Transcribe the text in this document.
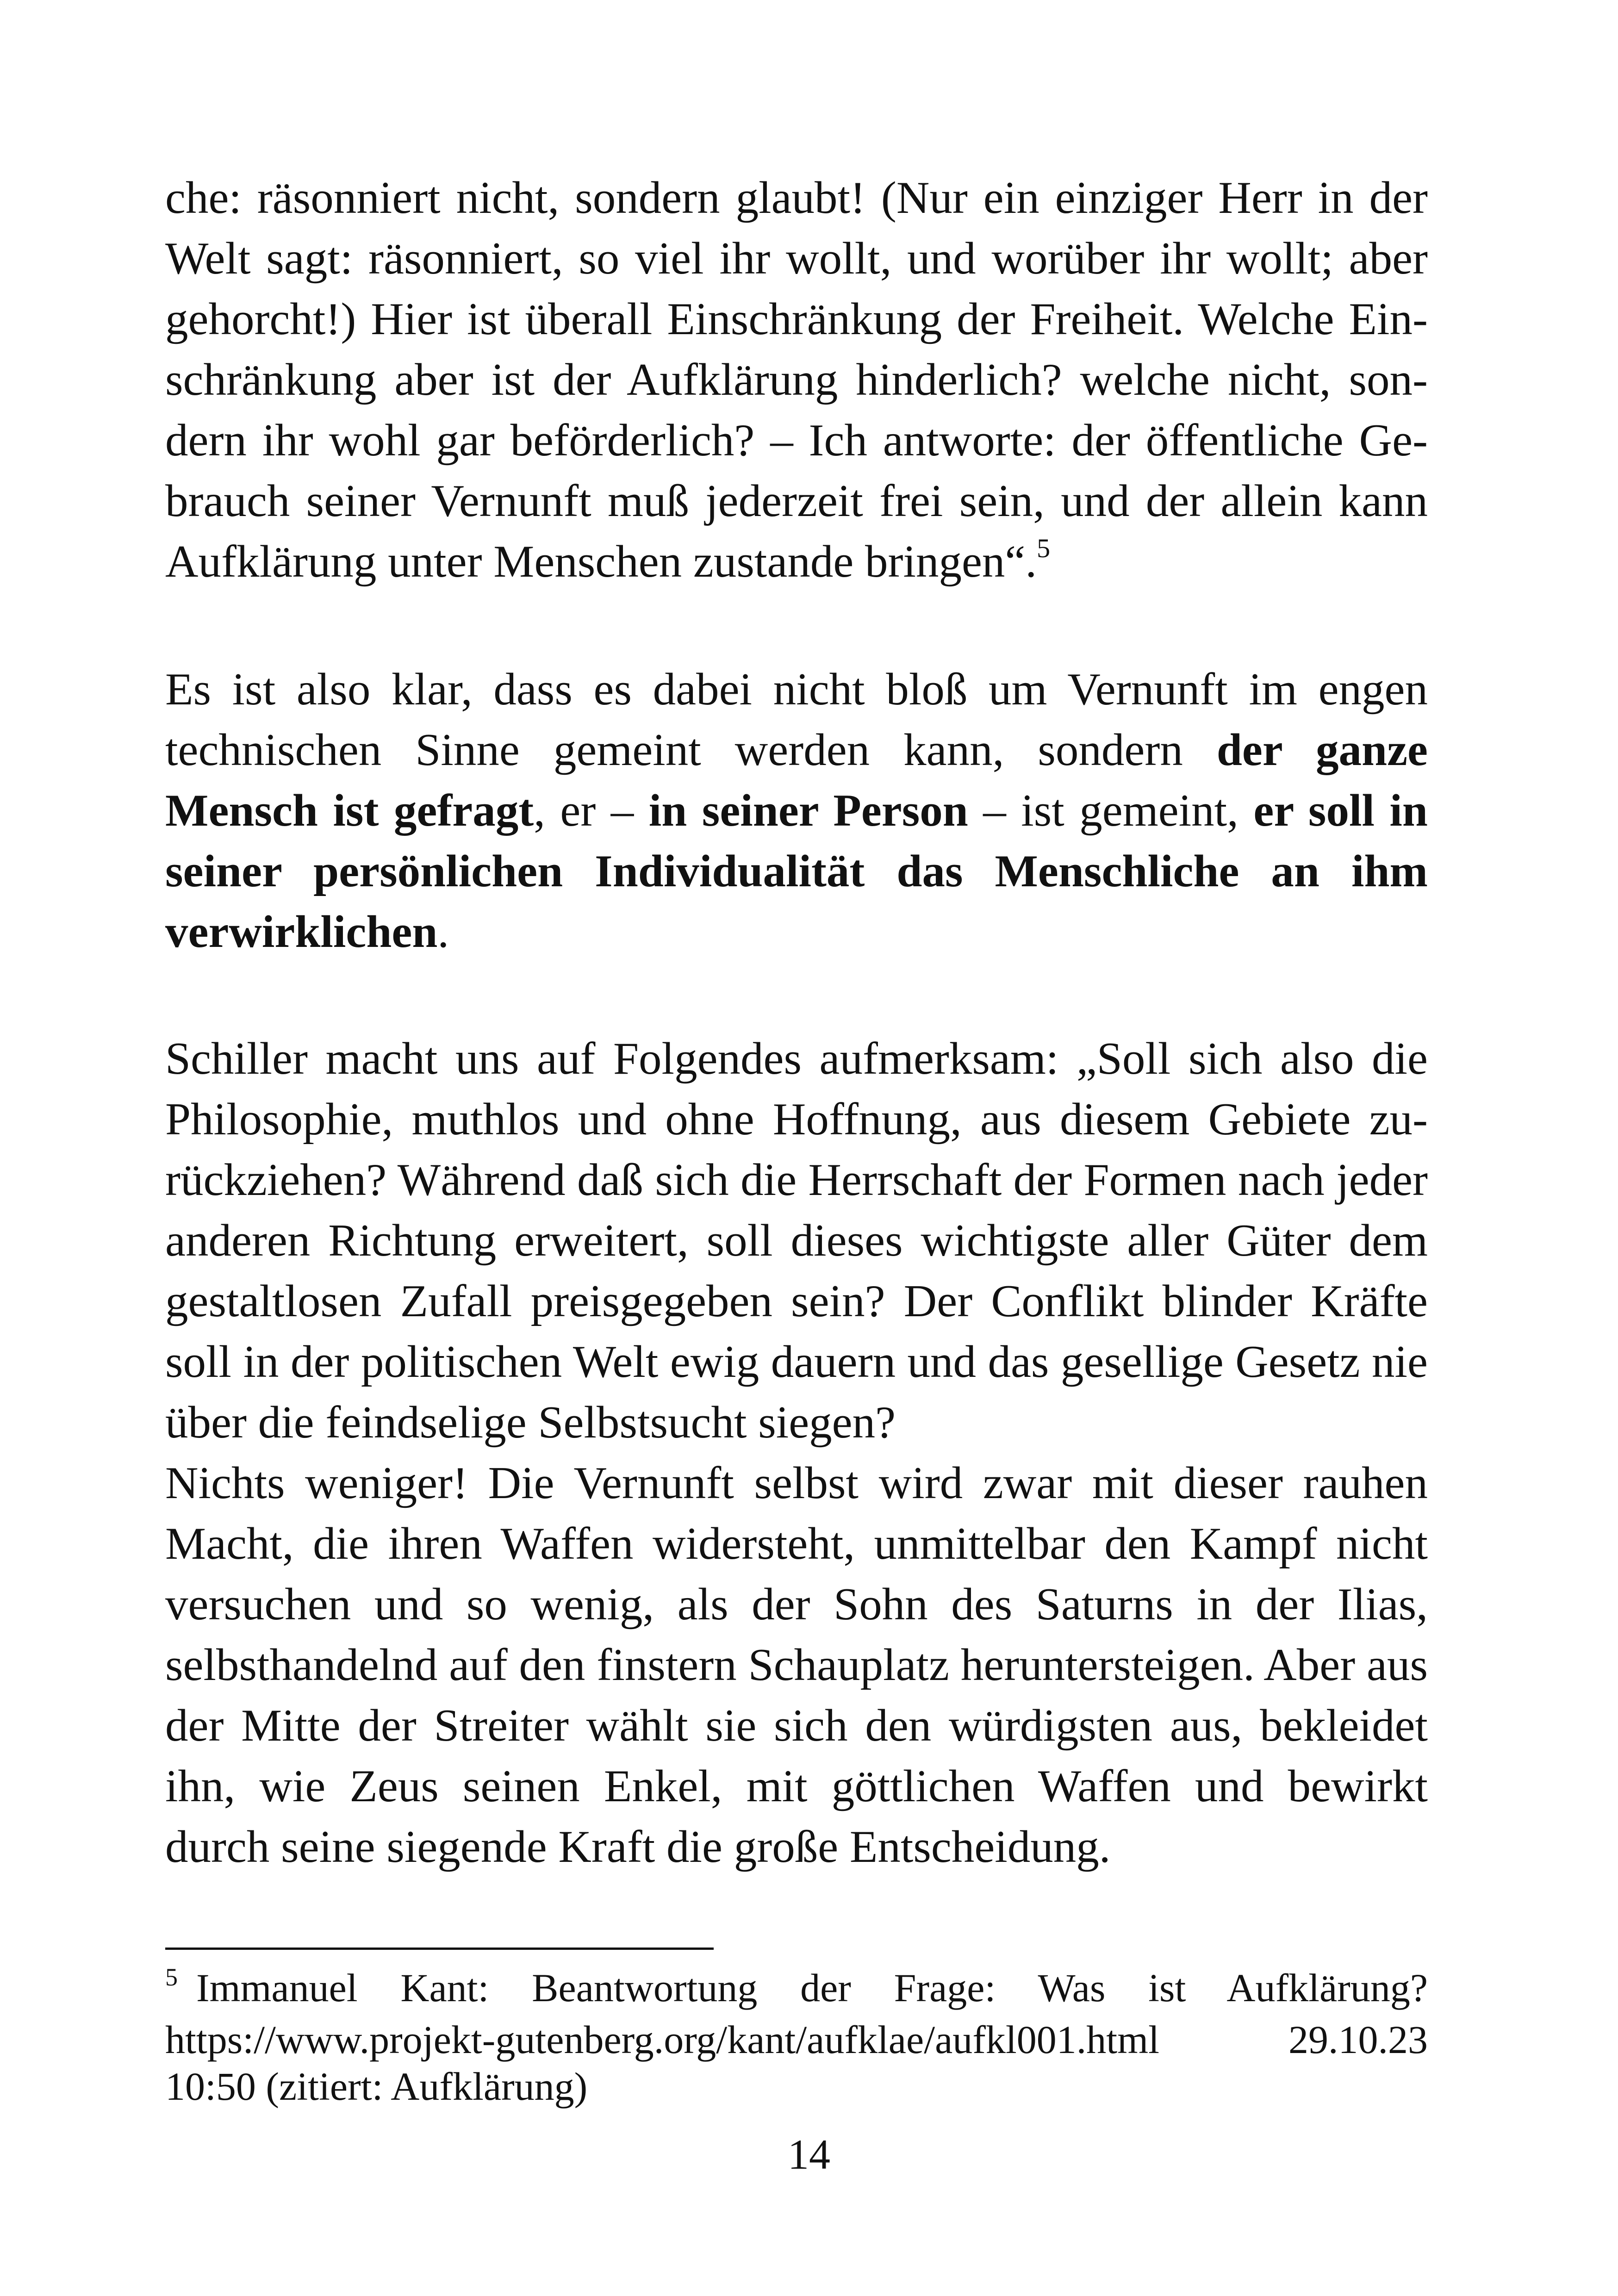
che: räsonniert nicht, sondern glaubt! (Nur ein einziger Herr in der Welt sagt: räsonniert, so viel ihr wollt, und worüber ihr wollt; aber gehorcht!) Hier ist überall Einschränkung der Freiheit. Welche Einschränkung aber ist der Aufklärung hinderlich? welche nicht, sondern ihr wohl gar beförderlich? – Ich antworte: der öffentliche Gebrauch seiner Vernunft muß jederzeit frei sein, und der allein kann Aufklärung unter Menschen zustande bringen“.$^5$

Es ist also klar, dass es dabei nicht bloß um Vernunft im engen technischen Sinne gemeint werden kann, sondern der ganze Mensch ist gefragt, er – in seiner Person – ist gemeint, er soll in seiner persönlichen Individualität das Menschliche an ihm verwirklichen.

Schiller macht uns auf Folgendes aufmerksam: „Soll sich also die Philosophie, muthlos und ohne Hoffnung, aus diesem Gebiete zurückziehen? Während daß sich die Herrschaft der Formen nach jeder anderen Richtung erweitert, soll dieses wichtigste aller Güter dem gestaltlosen Zufall preisgegeben sein? Der Conflikt blinder Kräfte soll in der politischen Welt ewig dauern und das gesellige Gesetz nie über die feindselige Selbstsucht siegen?

Nichts weniger! Die Vernunft selbst wird zwar mit dieser rauhen Macht, die ihren Waffen widersteht, unmittelbar den Kampf nicht versuchen und so wenig, als der Sohn des Saturns in der Ilias, selbsthandelnd auf den finstern Schauplatz heruntersteigen. Aber aus der Mitte der Streiter wählt sie sich den würdigsten aus, bekleidet ihn, wie Zeus seinen Enkel, mit göttlichen Waffen und bewirkt durch seine siegende Kraft die große Entscheidung.

$^5$ Immanuel Kant: Beantwortung der Frage: Was ist Aufklärung?
https://www.projekt-gutenberg.org/kant/aufklae/aufkl001.html	29.10.23
10:50 (zitiert: Aufklärung)
14
